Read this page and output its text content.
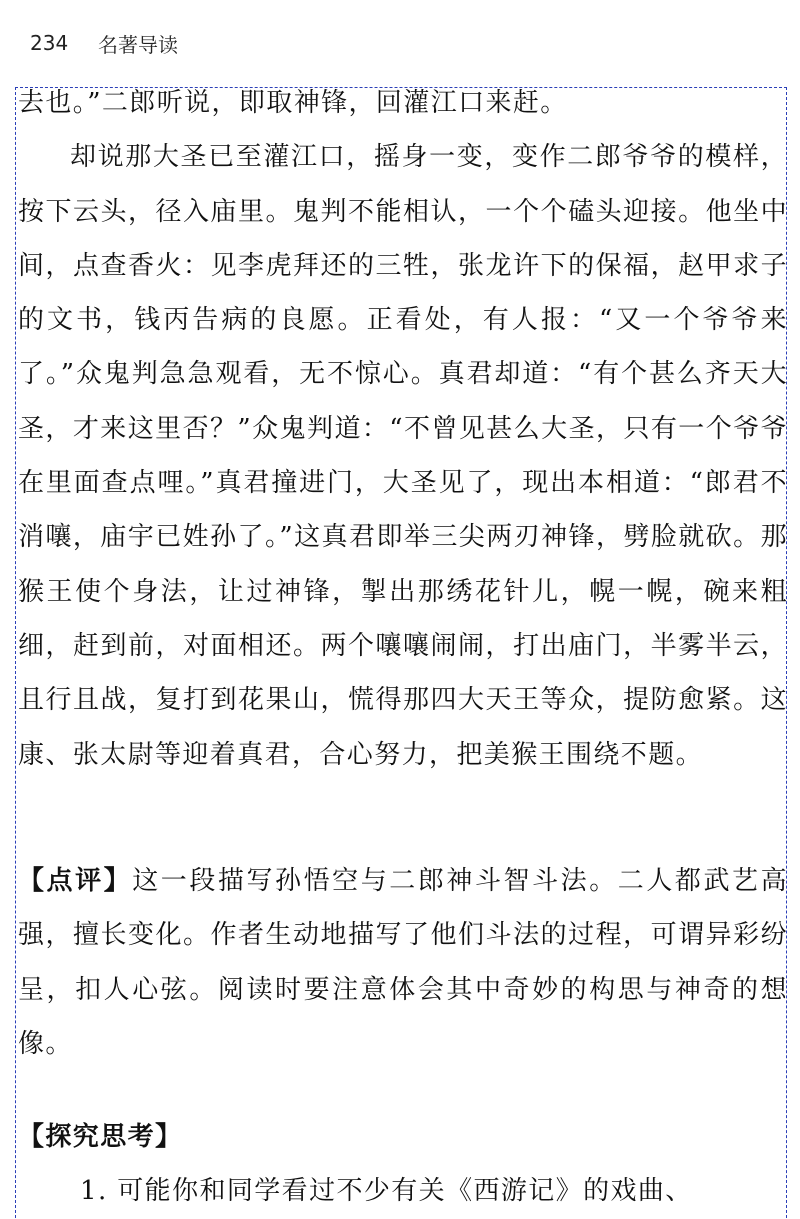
234	名著导读

去也。”二郎听说，即取神锋，回灌江口来赶。

却说那大圣已至灌江口，摇身一变，变作二郎爷爷的模样，按下云头，径入庙里。鬼判不能相认，一个个磕头迎接。他坐中间，点查香火：见李虎拜还的三牲，张龙许下的保福，赵甲求子的文书，钱丙告病的良愿。正看处，有人报：“又一个爷爷来了。”众鬼判急急观看，无不惊心。真君却道：“有个甚么齐天大圣，才来这里否？”众鬼判道：“不曾见甚么大圣，只有一个爷爷在里面查点哩。”真君撞进门，大圣见了，现出本相道：“郎君不消嚷，庙宇已姓孙了。”这真君即举三尖两刃神锋，劈脸就砍。那猴王使个身法，让过神锋，掣出那绣花针儿，幌一幌，碗来粗细，赶到前，对面相还。两个嚷嚷闹闹，打出庙门，半雾半云，且行且战，复打到花果山，慌得那四大天王等众，提防愈紧。这康、张太尉等迎着真君，合心努力，把美猴王围绕不题。

【点评】这一段描写孙悟空与二郎神斗智斗法。二人都武艺高强，擅长变化。作者生动地描写了他们斗法的过程，可谓异彩纷呈，扣人心弦。阅读时要注意体会其中奇妙的构思与神奇的想像。

【探究思考】

1. 可能你和同学看过不少有关《西游记》的戏曲、
